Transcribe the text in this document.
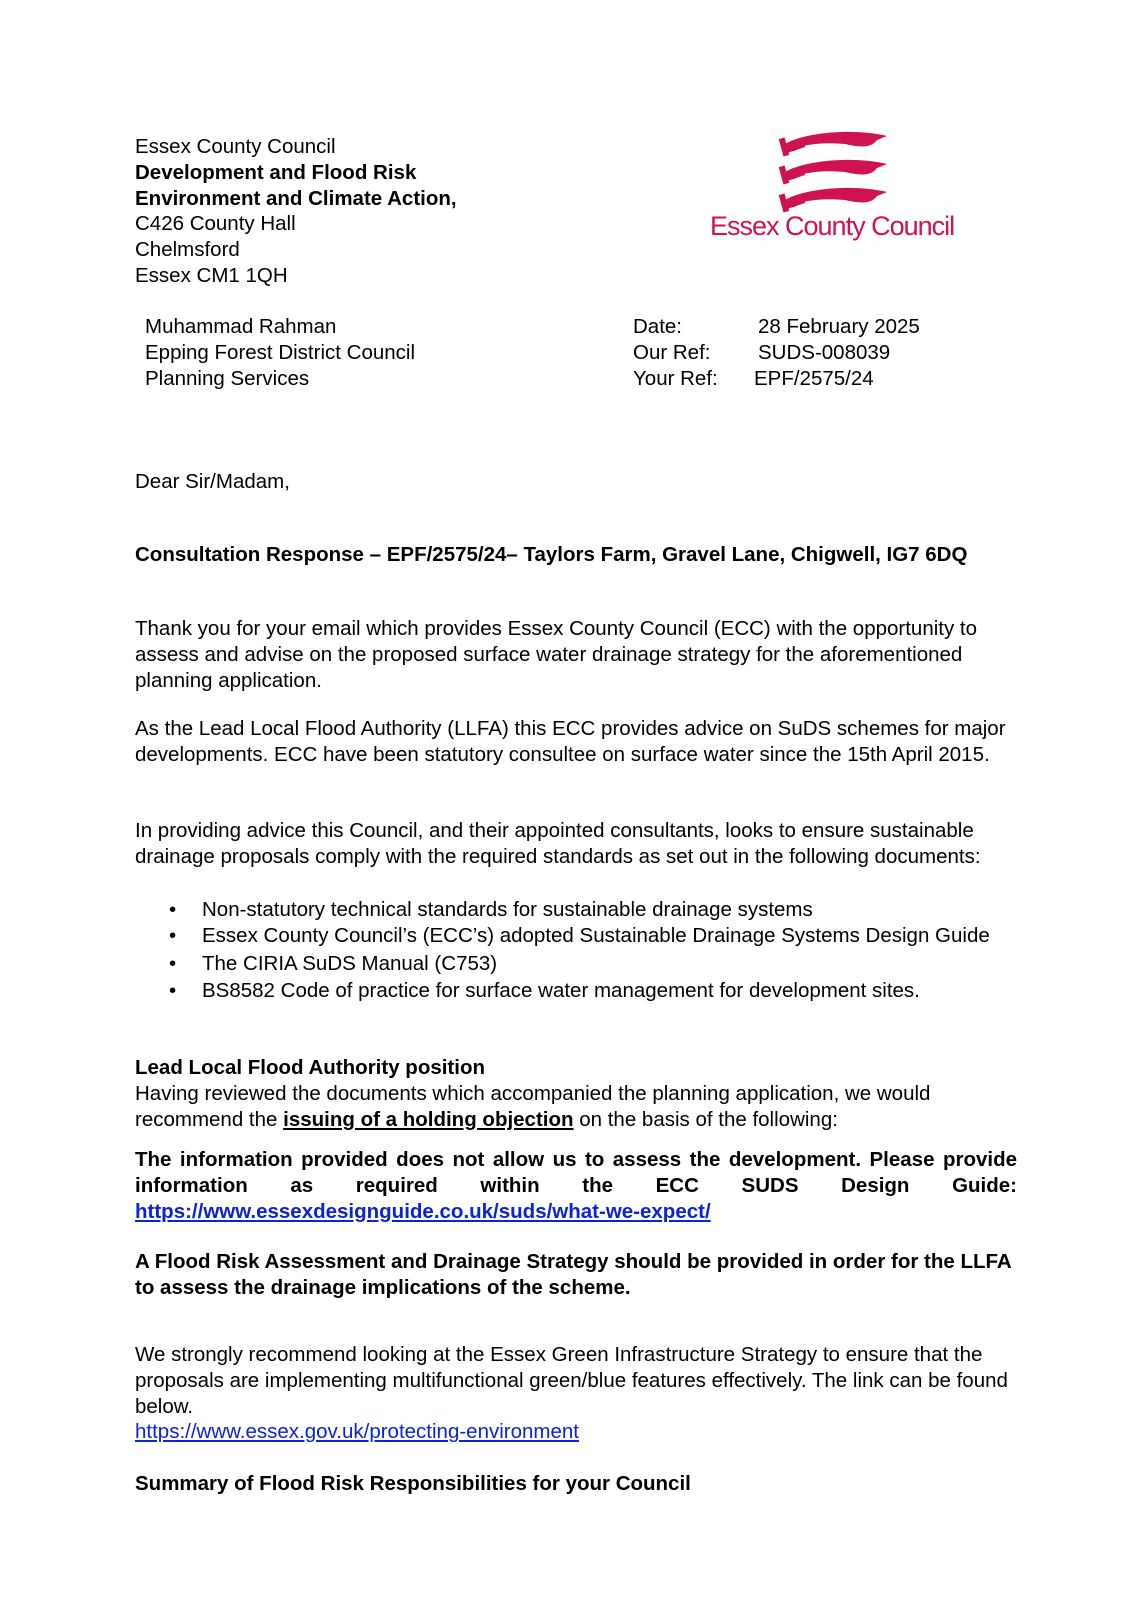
Essex County Council
Development and Flood Risk
Environment and Climate Action,
C426 County Hall
Chelmsford
Essex CM1 1QH
Essex County Council
Muhammad Rahman
Epping Forest District Council
Planning Services
Date:	28 February 2025
Our Ref:	SUDS-008039
Your Ref:	EPF/2575/24
Dear Sir/Madam,
Consultation Response – EPF/2575/24– Taylors Farm, Gravel Lane, Chigwell, IG7 6DQ
Thank you for your email which provides Essex County Council (ECC) with the opportunity to assess and advise on the proposed surface water drainage strategy for the aforementioned planning application.
As the Lead Local Flood Authority (LLFA) this ECC provides advice on SuDS schemes for major developments. ECC have been statutory consultee on surface water since the 15th April 2015.
In providing advice this Council, and their appointed consultants, looks to ensure sustainable drainage proposals comply with the required standards as set out in the following documents:
• Non-statutory technical standards for sustainable drainage systems
• Essex County Council’s (ECC’s) adopted Sustainable Drainage Systems Design Guide
• The CIRIA SuDS Manual (C753)
• BS8582 Code of practice for surface water management for development sites.
Lead Local Flood Authority position
Having reviewed the documents which accompanied the planning application, we would recommend the issuing of a holding objection on the basis of the following:
The information provided does not allow us to assess the development. Please provide information as required within the ECC SUDS Design Guide: https://www.essexdesignguide.co.uk/suds/what-we-expect/
A Flood Risk Assessment and Drainage Strategy should be provided in order for the LLFA to assess the drainage implications of the scheme.
We strongly recommend looking at the Essex Green Infrastructure Strategy to ensure that the proposals are implementing multifunctional green/blue features effectively. The link can be found below.
https://www.essex.gov.uk/protecting-environment
Summary of Flood Risk Responsibilities for your Council
